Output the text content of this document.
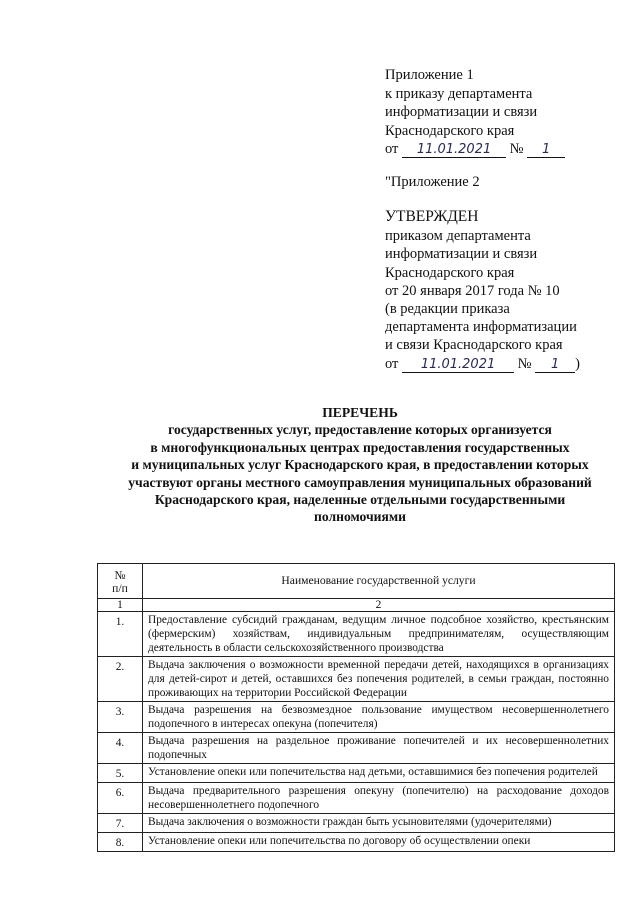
Приложение 1
к приказу департамента
информатизации и связи
Краснодарского края
от 11.01.2021 № 1
"Приложение 2
УТВЕРЖДЕН
приказом департамента
информатизации и связи
Краснодарского края
от 20 января 2017 года № 10
(в редакции приказа
департамента информатизации
и связи Краснодарского края
от 11.01.2021 № 1 )
ПЕРЕЧЕНЬ
государственных услуг, предоставление которых организуется
в многофункциональных центрах предоставления государственных
и муниципальных услуг Краснодарского края, в предоставлении которых
участвуют органы местного самоуправления муниципальных образований
Краснодарского края, наделенные отдельными государственными
полномочиями
№
п/п	Наименование государственной услуги
1	2
1.	Предоставление субсидий гражданам, ведущим личное подсобное хозяйство, крестьянским (фермерским) хозяйствам, индивидуальным предпринимателям, осуществляющим деятельность в области сельскохозяйственного производства
2.	Выдача заключения о возможности временной передачи детей, находящихся в организациях для детей-сирот и детей, оставшихся без попечения родителей, в семьи граждан, постоянно проживающих на территории Российской Федерации
3.	Выдача разрешения на безвозмездное пользование имуществом несовершеннолетнего подопечного в интересах опекуна (попечителя)
4.	Выдача разрешения на раздельное проживание попечителей и их несовершеннолетних подопечных
5.	Установление опеки или попечительства над детьми, оставшимися без попечения родителей
6.	Выдача предварительного разрешения опекуну (попечителю) на расходование доходов несовершеннолетнего подопечного
7.	Выдача заключения о возможности граждан быть усыновителями (удочерителями)
8.	Установление опеки или попечительства по договору об осуществлении опеки
